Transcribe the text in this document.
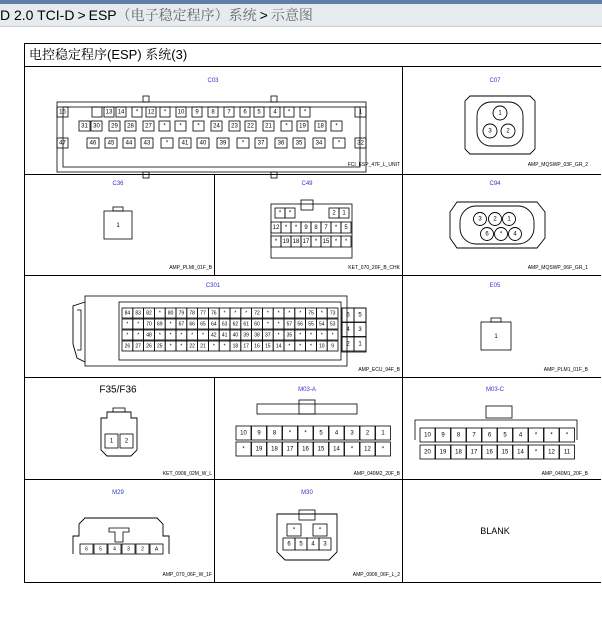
D 2.0 TCI-D > ESP（电子稳定程序）系统 > 示意图
电控稳定程序(ESP) 系统(3)
C03
15	13 14 * 12 * 10 9 8 7 6 5 4 * *	1
31 30 29 28 27 * *	* 24 23 22 21 * 19 18 *
47	46 45 44 43	* 41 40 39	* 37 36 35 34	*	32
FCI_ESP_47F_L_UNIT
C07
1
3 2
AMP_MQSWP_03F_GR_2
C36
1
AMP_PLMI_01F_B
C49
* *	2 1
12 * * 9 8 7 * 5
* 19 18 17 * 15 * *
KET_070_20F_B_CHK
C94
3 2 1
6 * 4
AMP_MQSWP_06F_GR_1
C301
84 83 82 * 80 79 78 77 76 * * * 72 * * * * 75 * 73
* * 70 69 * 67 66 65 64 63 62 61 60 * * 57 56 55 54 53
* * 48 * * * * * 42 41 40 39 38 37 * 35 * * * *
26 27 26 25 * * 22 21 * * 18 17 16 15 14 * * * 10 9
6 5
4 3
2 1
AMP_ECU_94F_B
E05
1
AMP_PLM1_01F_B
F35/F36
1 2
KET_090II_02M_W_L
M03-A
10 9 8 * * 5 4 3 2 1
* 19 18 17 16 15 14 * 12 *
AMP_040M2_20F_B
M03-C
10 9 8 7 6 5 4 * * *
20 19 18 17 16 15 14 * 12 11
AMP_040M1_20F_B
M29
6 5 4 3 2 A
AMP_070_06F_W_1F
M30
*	*
6 5 4 3
AMP_090II_06F_L_2
BLANK
